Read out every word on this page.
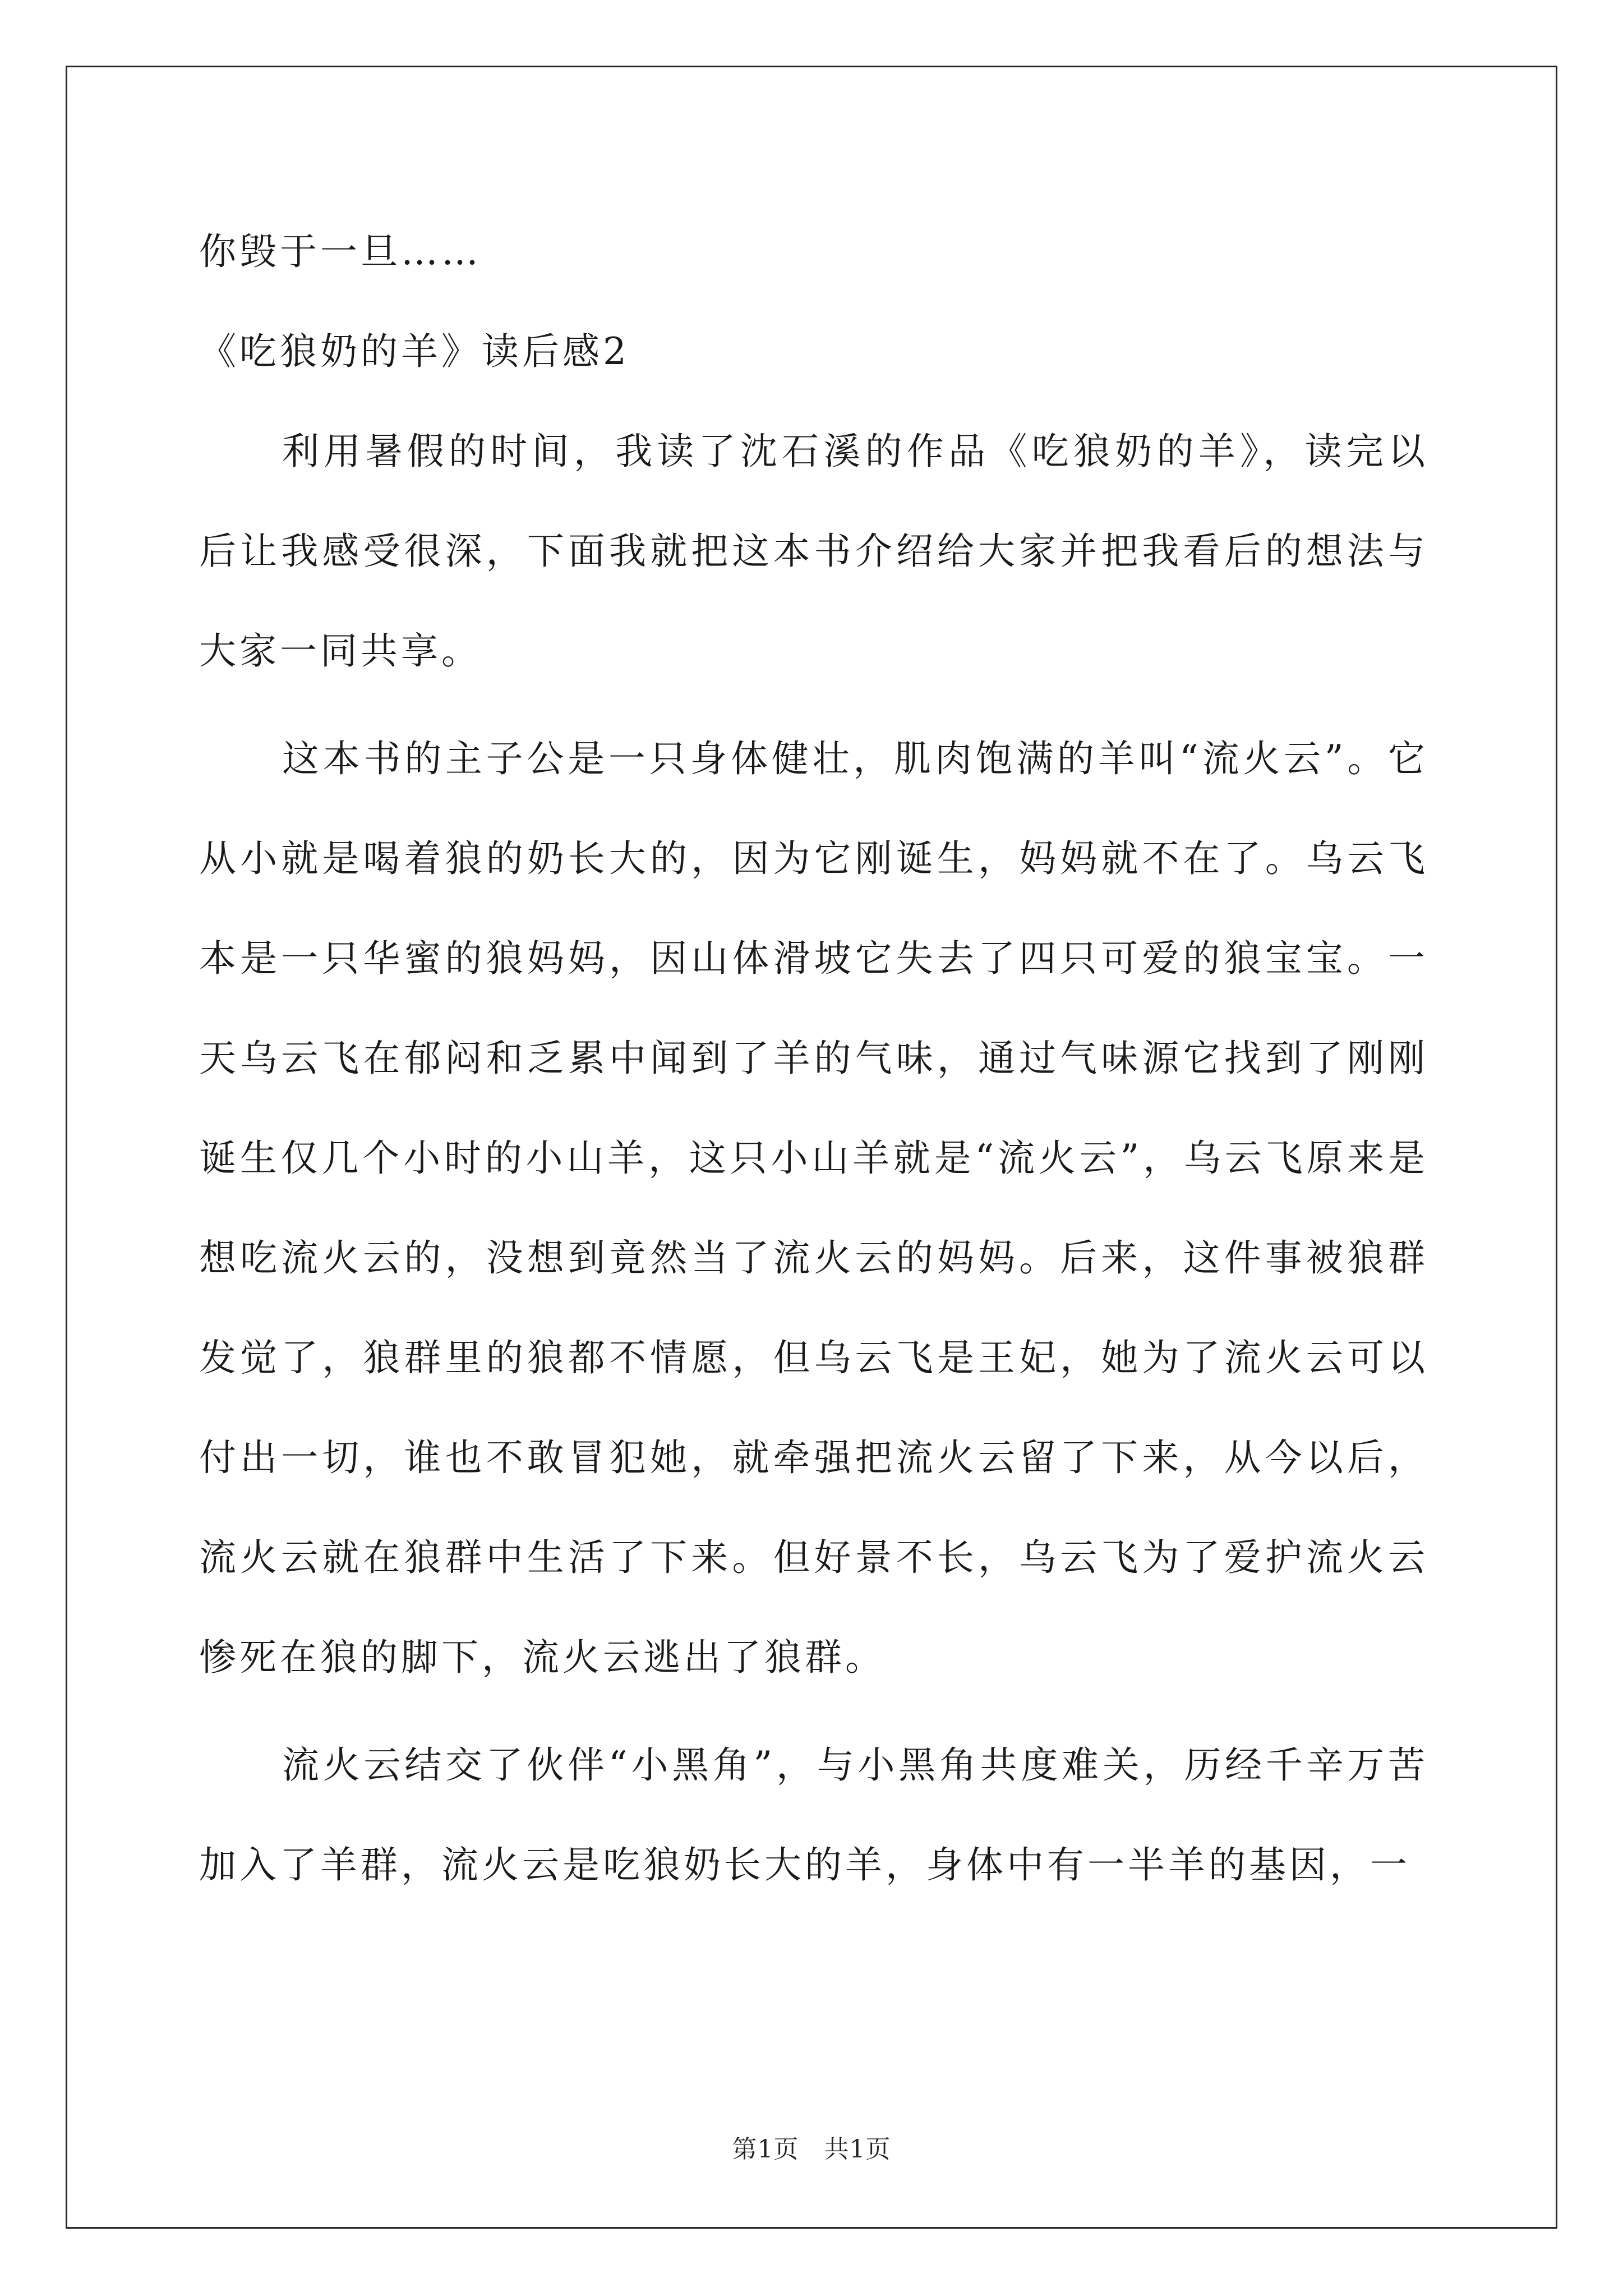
你毁于一旦……
《吃狼奶的羊》读后感2

利用暑假的时间，我读了沈石溪的作品《吃狼奶的羊》，读完以后让我感受很深，下面我就把这本书介绍给大家并把我看后的想法与大家一同共享。

这本书的主子公是一只身体健壮，肌肉饱满的羊叫“流火云”。它从小就是喝着狼的奶长大的，因为它刚诞生，妈妈就不在了。乌云飞本是一只华蜜的狼妈妈，因山体滑坡它失去了四只可爱的狼宝宝。一天乌云飞在郁闷和乏累中闻到了羊的气味，通过气味源它找到了刚刚诞生仅几个小时的小山羊，这只小山羊就是“流火云”，乌云飞原来是想吃流火云的，没想到竟然当了流火云的妈妈。后来，这件事被狼群发觉了，狼群里的狼都不情愿，但乌云飞是王妃，她为了流火云可以付出一切，谁也不敢冒犯她，就牵强把流火云留了下来，从今以后，流火云就在狼群中生活了下来。但好景不长，乌云飞为了爱护流火云惨死在狼的脚下，流火云逃出了狼群。

流火云结交了伙伴“小黑角”，与小黑角共度难关，历经千辛万苦加入了羊群，流火云是吃狼奶长大的羊，身体中有一半羊的基因，一

第1页　共1页
